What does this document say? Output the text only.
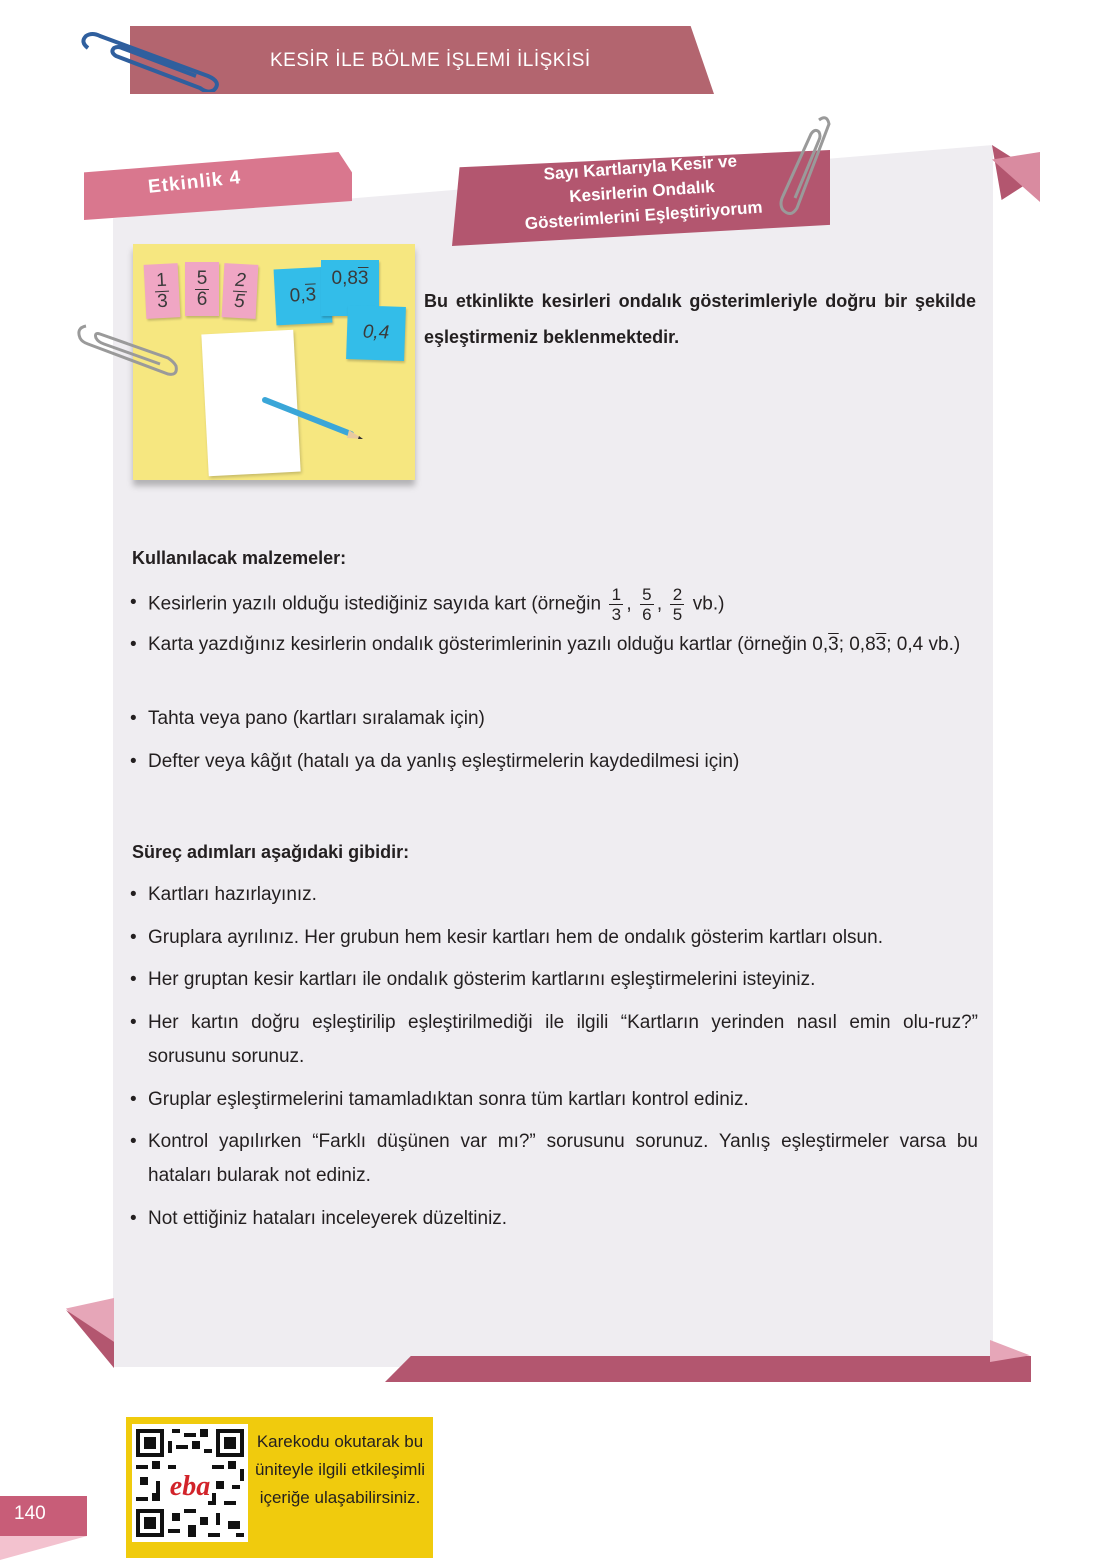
KESİR İLE BÖLME İŞLEMİ İLİŞKİSİ
Etkinlik 4	Sayı Kartlarıyla Kesir ve
Kesirlerin Ondalık
Gösterimlerini Eşleştiriyorum
1
3
5
6
2
5 0,
3
0,8 3
0,4
Bu etkinlikte kesirleri ondalık gösterimleriyle doğru bir şekilde eşleştirmeniz beklenmektedir.
Kullanılacak malzemeler:
• Kesirlerin yazılı olduğu istediğiniz sayıda kart (örneğin $\frac{1}{3}$ , $\frac{5}{6}$ , $\frac{2}{5} vb$.)
• Karta yazdığınız kesirlerin ondalık gösterimlerinin yazılı olduğu kartlar (örneğin 0,3; 0,83; 0,4 vb.)
• Tahta veya pano (kartları sıralamak için)
• Defter veya kâğıt (hatalı ya da yanlış eşleştirmelerin kaydedilmesi için)
Süreç adımları aşağıdaki gibidir:
• Kartları hazırlayınız.
• Gruplara ayrılınız. Her grubun hem kesir kartları hem de ondalık gösterim kartları olsun.
• Her gruptan kesir kartları ile ondalık gösterim kartlarını eşleştirmelerini isteyiniz.
• Her kartın doğru eşleştirilip eşleştirilmediği ile ilgili “Kartların yerinden nasıl emin olu-ruz?” sorusunu sorunuz.
• Gruplar eşleştirmelerini tamamladıktan sonra tüm kartları kontrol ediniz.
• Kontrol yapılırken “Farklı düşünen var mı?” sorusunu sorunuz. Yanlış eşleştirmeler varsa bu hataları bularak not ediniz.
• Not ettiğiniz hataları inceleyerek düzeltiniz.
eba
Karekodu okutarak bu üniteyle ilgili etkileşimli içeriğe ulaşabilirsiniz.
140
